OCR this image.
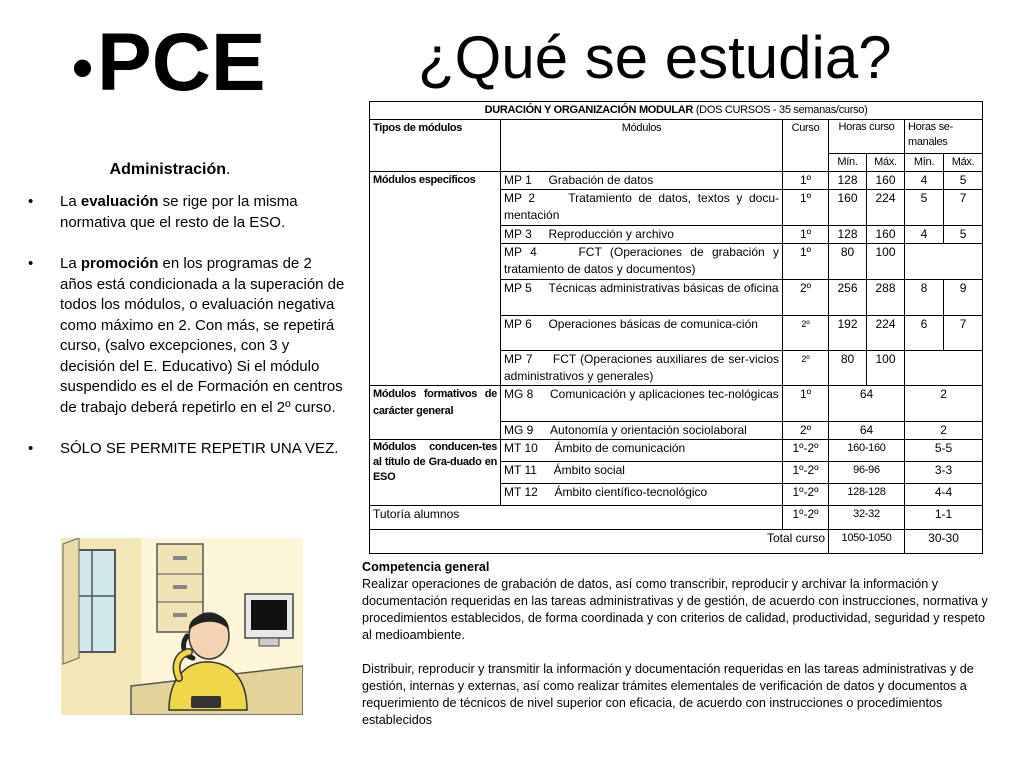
•PCE	¿Qué se estudia?
Administración.
• La evaluación se rige por la misma normativa que el resto de la ESO.
• La promoción en los programas de 2 años está condicionada a la superación de todos los módulos, o evaluación negativa como máximo en 2. Con más, se repetirá curso, (salvo excepciones, con 3 y decisión del E. Educativo) Si el módulo suspendido es el de Formación en centros de trabajo deberá repetirlo en el 2º curso.
• SÓLO SE PERMITE REPETIR UNA VEZ.
DURACIÓN Y ORGANIZACIÓN MODULAR (DOS CURSOS - 35 semanas/curso)						
Tipos de módulos	Módulos	Curso	Horas curso		Horas se-manales	
			Mín.	Máx.	Mín.	Máx.
Módulos específicos	MP 1 Grabación de datos	1º	128	160	4	5
	MP 2 Tratamiento de datos, textos y docu-mentación	1º	160	224	5	7
	MP 3 Reproducción y archivo	1º	128	160	4	5
	MP 4 FCT (Operaciones de grabación y tratamiento de datos y documentos)	1º	80	100		
	MP 5 Técnicas administrativas básicas de oficina	2º	256	288	8	9
	MP 6 Operaciones básicas de comunica-ción	2º	192	224	6	7
	MP 7 FCT (Operaciones auxiliares de ser-vicios administrativos y generales)	2º	80	100		
Módulos formativos de carácter general	MG 8 Comunicación y aplicaciones tec-nológicas	1º	64		2	
	MG 9 Autonomía y orientación sociolaboral	2º	64		2	
Módulos conducen-tes al título de Gra-duado en ESO	MT 10 Ámbito de comunicación	1º-2º	160-160		5-5	
	MT 11 Ámbito social	1º-2º	96-96		3-3	
	MT 12 Ámbito científico-tecnológico	1º-2º	128-128		4-4	
Tutoría alumnos		1º-2º	32-32		1-1	
Total curso			1050-1050		30-30	

Competencia general

Realizar operaciones de grabación de datos, así como transcribir, reproducir y archivar la información y documentación requeridas en las tareas administrativas y de gestión, de acuerdo con instrucciones, normativa y procedimientos establecidos, de forma coordinada y con criterios de calidad, productividad, seguridad y respeto al medioambiente.

Distribuir, reproducir y transmitir la información y documentación requeridas en las tareas administrativas y de gestión, internas y externas, así como realizar trámites elementales de verificación de datos y documentos a requerimiento de técnicos de nivel superior con eficacia, de acuerdo con instrucciones o procedimientos establecidos
